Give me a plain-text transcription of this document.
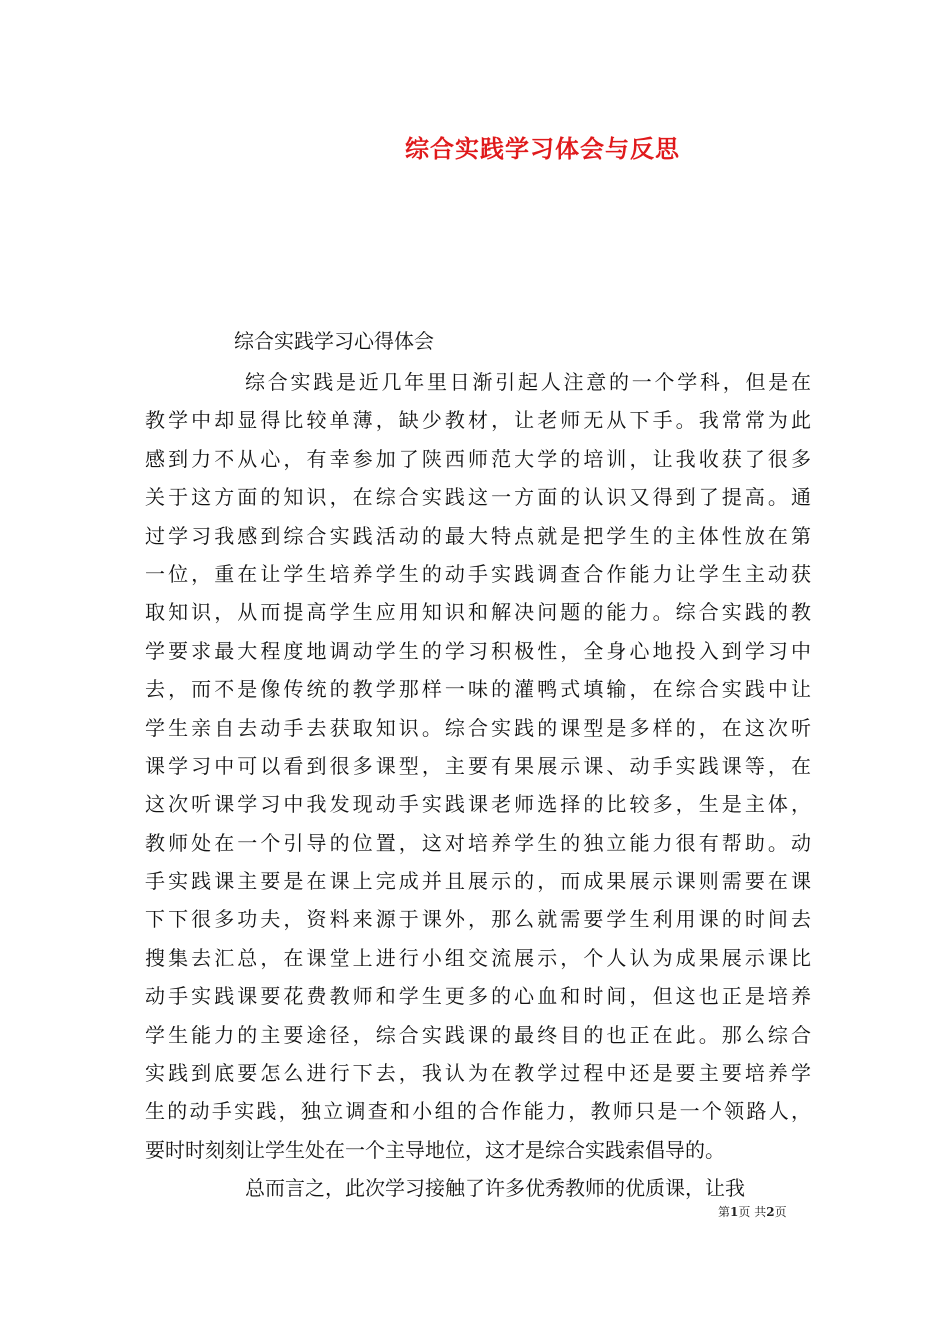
综合实践学习体会与反思
综合实践学习心得体会
综合实践是近几年里日渐引起人注意的一个学科，但是在
教学中却显得比较单薄，缺少教材，让老师无从下手。我常常为此
感到力不从心，有幸参加了陕西师范大学的培训，让我收获了很多
关于这方面的知识，在综合实践这一方面的认识又得到了提高。通
过学习我感到综合实践活动的最大特点就是把学生的主体性放在第
一位，重在让学生培养学生的动手实践调查合作能力让学生主动获
取知识，从而提高学生应用知识和解决问题的能力。综合实践的教
学要求最大程度地调动学生的学习积极性，全身心地投入到学习中
去，而不是像传统的教学那样一味的灌鸭式填输，在综合实践中让
学生亲自去动手去获取知识。综合实践的课型是多样的，在这次听
课学习中可以看到很多课型，主要有果展示课、动手实践课等，在
这次听课学习中我发现动手实践课老师选择的比较多，生是主体，
教师处在一个引导的位置，这对培养学生的独立能力很有帮助。动
手实践课主要是在课上完成并且展示的，而成果展示课则需要在课
下下很多功夫，资料来源于课外，那么就需要学生利用课的时间去
搜集去汇总，在课堂上进行小组交流展示，个人认为成果展示课比
动手实践课要花费教师和学生更多的心血和时间，但这也正是培养
学生能力的主要途径，综合实践课的最终目的也正在此。那么综合
实践到底要怎么进行下去，我认为在教学过程中还是要主要培养学
生的动手实践，独立调查和小组的合作能力，教师只是一个领路人，
要时时刻刻让学生处在一个主导地位，这才是综合实践索倡导的。
总而言之，此次学习接触了许多优秀教师的优质课，让我
第1页 共2页
